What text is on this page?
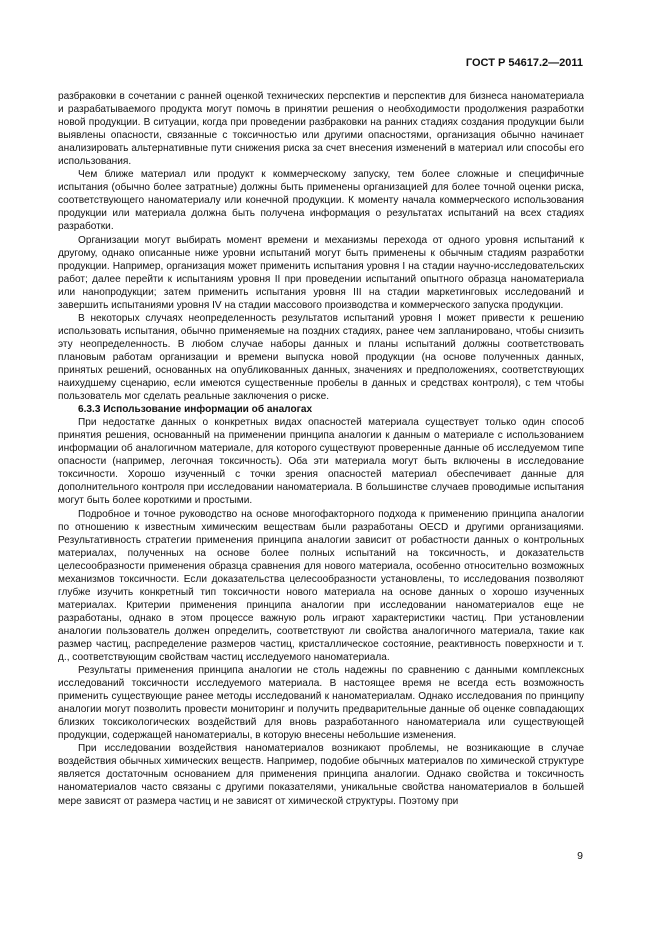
ГОСТ Р 54617.2—2011

разбраковки в сочетании с ранней оценкой технических перспектив и перспектив для бизнеса наноматериала и разрабатываемого продукта могут помочь в принятии решения о необходимости продолжения разработки новой продукции. В ситуации, когда при проведении разбраковки на ранних стадиях создания продукции были выявлены опасности, связанные с токсичностью или другими опасностями, организация обычно начинает анализировать альтернативные пути снижения риска за счет внесения изменений в материал или способы его использования.

Чем ближе материал или продукт к коммерческому запуску, тем более сложные и специфичные испытания (обычно более затратные) должны быть применены организацией для более точной оценки риска, соответствующего наноматериалу или конечной продукции. К моменту начала коммерческого использования продукции или материала должна быть получена информация о результатах испытаний на всех стадиях разработки.

Организации могут выбирать момент времени и механизмы перехода от одного уровня испытаний к другому, однако описанные ниже уровни испытаний могут быть применены к обычным стадиям разработки продукции. Например, организация может применить испытания уровня I на стадии научно-исследовательских работ; далее перейти к испытаниям уровня II при проведении испытаний опытного образца наноматериала или нанопродукции; затем применить испытания уровня III на стадии маркетинговых исследований и завершить испытаниями уровня IV на стадии массового производства и коммерческого запуска продукции.

В некоторых случаях неопределенность результатов испытаний уровня I может привести к решению использовать испытания, обычно применяемые на поздних стадиях, ранее чем запланировано, чтобы снизить эту неопределенность. В любом случае наборы данных и планы испытаний должны соответствовать плановым работам организации и времени выпуска новой продукции (на основе полученных данных, принятых решений, основанных на опубликованных данных, значениях и предположениях, соответствующих наихудшему сценарию, если имеются существенные пробелы в данных и средствах контроля), с тем чтобы пользователь мог сделать реальные заключения о риске.

6.3.3 Использование информации об аналогах

При недостатке данных о конкретных видах опасностей материала существует только один способ принятия решения, основанный на применении принципа аналогии к данным о материале с использованием информации об аналогичном материале, для которого существуют проверенные данные об исследуемом типе опасности (например, легочная токсичность). Оба эти материала могут быть включены в исследование токсичности. Хорошо изученный с точки зрения опасностей материал обеспечивает данные для дополнительного контроля при исследовании наноматериала. В большинстве случаев проводимые испытания могут быть более короткими и простыми.

Подробное и точное руководство на основе многофакторного подхода к применению принципа аналогии по отношению к известным химическим веществам были разработаны OECD и другими организациями. Результативность стратегии применения принципа аналогии зависит от робастности данных о контрольных материалах, полученных на основе более полных испытаний на токсичность, и доказательств целесообразности применения образца сравнения для нового материала, особенно относительно возможных механизмов токсичности. Если доказательства целесообразности установлены, то исследования позволяют глубже изучить конкретный тип токсичности нового материала на основе данных о хорошо изученных материалах. Критерии применения принципа аналогии при исследовании наноматериалов еще не разработаны, однако в этом процессе важную роль играют характеристики частиц. При установлении аналогии пользователь должен определить, соответствуют ли свойства аналогичного материала, такие как размер частиц, распределение размеров частиц, кристаллическое состояние, реактивность поверхности и т. д., соответствующим свойствам частиц исследуемого наноматериала.

Результаты применения принципа аналогии не столь надежны по сравнению с данными комплексных исследований токсичности исследуемого материала. В настоящее время не всегда есть возможность применить существующие ранее методы исследований к наноматериалам. Однако исследования по принципу аналогии могут позволить провести мониторинг и получить предварительные данные об оценке совпадающих близких токсикологических воздействий для вновь разработанного наноматериала или существующей продукции, содержащей наноматериалы, в которую внесены небольшие изменения.

При исследовании воздействия наноматериалов возникают проблемы, не возникающие в случае воздействия обычных химических веществ. Например, подобие обычных материалов по химической структуре является достаточным основанием для применения принципа аналогии. Однако свойства и токсичность наноматериалов часто связаны с другими показателями, уникальные свойства наноматериалов в большей мере зависят от размера частиц и не зависят от химической структуры. Поэтому при

9
